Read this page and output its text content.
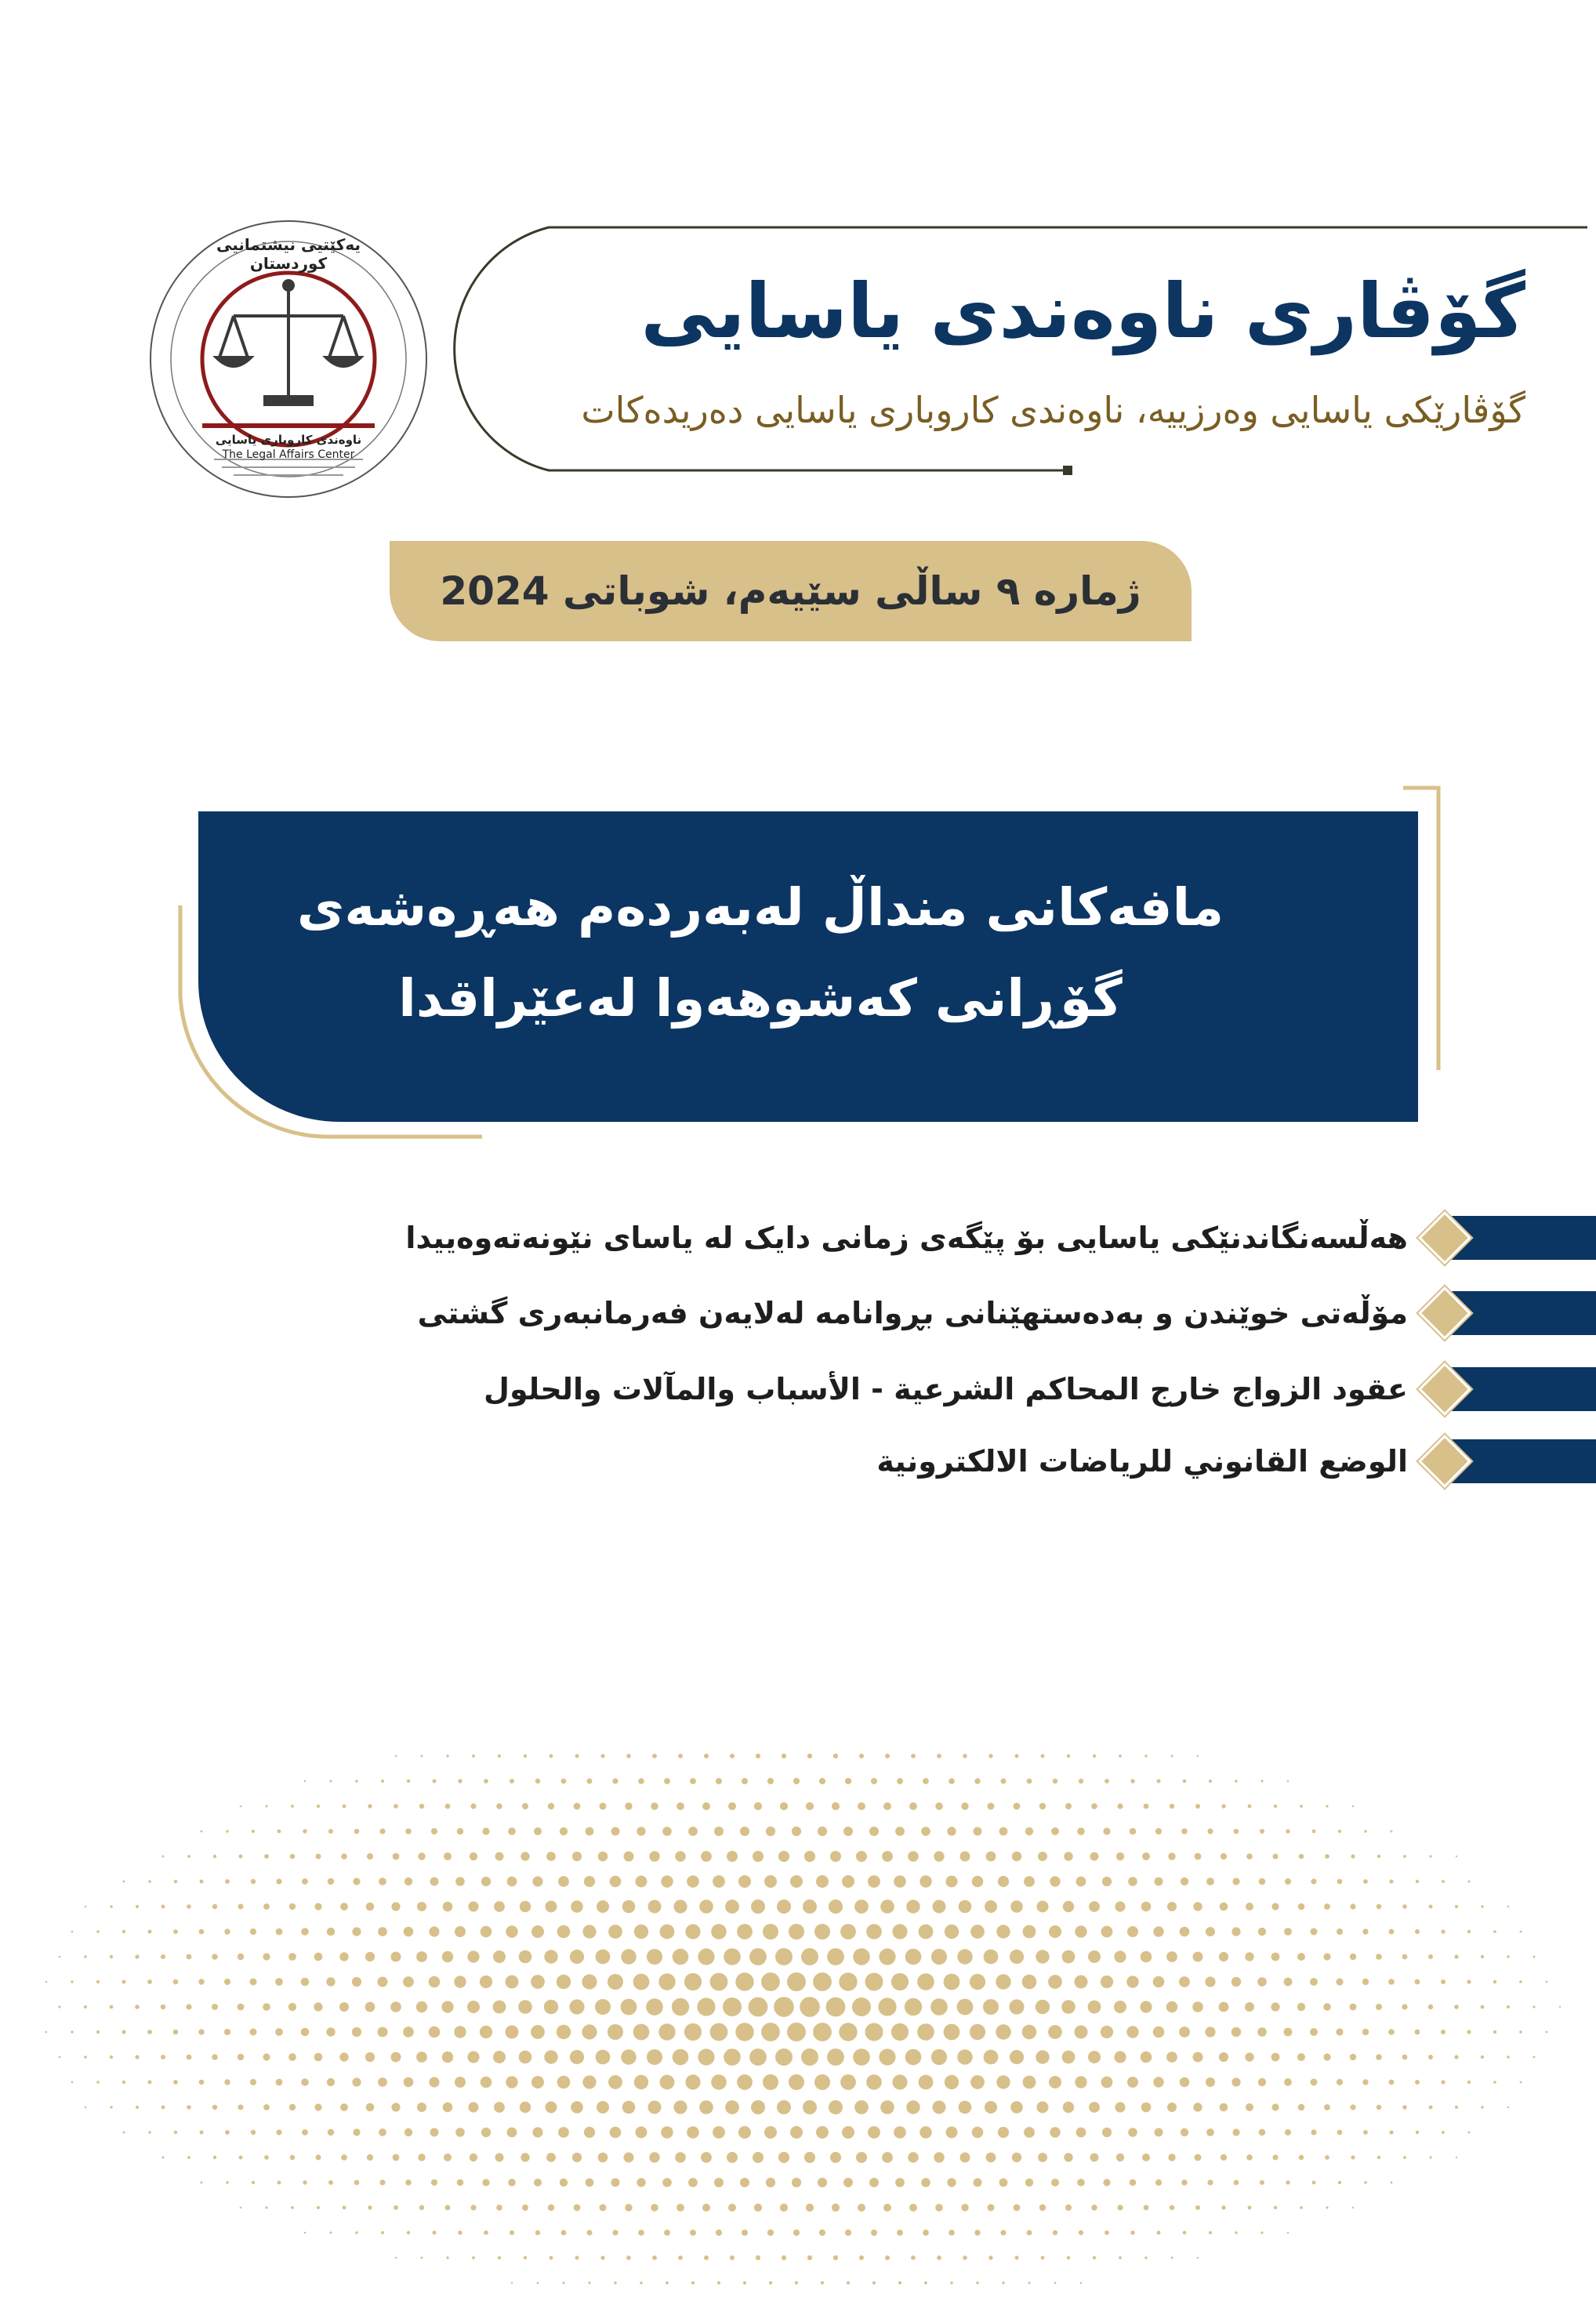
یەکێتیی نیشتمانیی کوردستان
ناوەندی کاروباری یاسایی
The Legal Affairs Center
گۆڤاری ناوەندی یاسایی
گۆڤارێکی یاسایی وەرزییە، ناوەندی کاروباری یاسایی دەریدەکات
ژمارە ٩ ساڵی سێیەم، شوباتی 2024
مافەکانی منداڵ لەبەردەم هەڕەشەی
گۆڕانی کەشوهەوا لەعێراقدا
هەڵسەنگاندنێکی یاسایی بۆ پێگەی زمانی دایک لە یاسای نێونەتەوەییدا
مۆڵەتی خوێندن و بەدەستهێنانی بڕوانامە لەلایەن فەرمانبەری گشتی
عقود الزواج خارج المحاكم الشرعية - الأسباب والمآلات والحلول
الوضع القانوني للرياضات الالكترونية
